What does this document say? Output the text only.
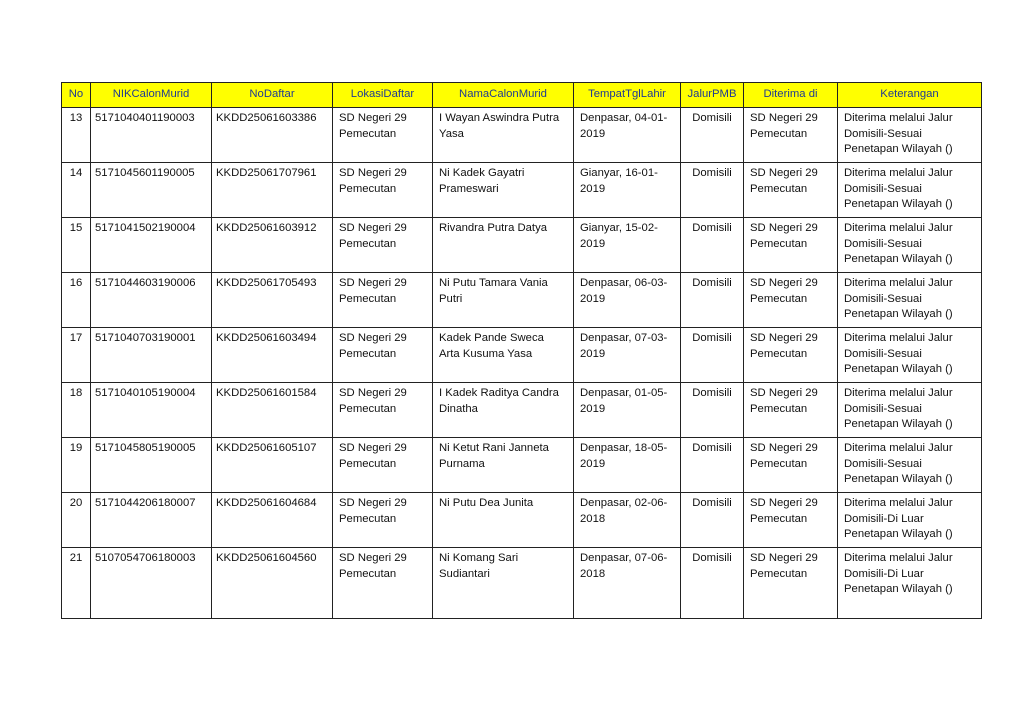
No	NIKCalonMurid	NoDaftar	LokasiDaftar	NamaCalonMurid	TempatTglLahir	JalurPMB	Diterima di	Keterangan
13	5171040401190003	KKDD25061603386	SD Negeri 29 Pemecutan	I Wayan Aswindra Putra Yasa	Denpasar, 04-01-2019	Domisili	SD Negeri 29 Pemecutan	Diterima melalui Jalur Domisili-Sesuai Penetapan Wilayah ()
14	5171045601190005	KKDD25061707961	SD Negeri 29 Pemecutan	Ni Kadek Gayatri Prameswari	Gianyar, 16-01-2019	Domisili	SD Negeri 29 Pemecutan	Diterima melalui Jalur Domisili-Sesuai Penetapan Wilayah ()
15	5171041502190004	KKDD25061603912	SD Negeri 29 Pemecutan	Rivandra Putra Datya	Gianyar, 15-02-2019	Domisili	SD Negeri 29 Pemecutan	Diterima melalui Jalur Domisili-Sesuai Penetapan Wilayah ()
16	5171044603190006	KKDD25061705493	SD Negeri 29 Pemecutan	Ni Putu Tamara Vania Putri	Denpasar, 06-03-2019	Domisili	SD Negeri 29 Pemecutan	Diterima melalui Jalur Domisili-Sesuai Penetapan Wilayah ()
17	5171040703190001	KKDD25061603494	SD Negeri 29 Pemecutan	Kadek Pande Sweca Arta Kusuma Yasa	Denpasar, 07-03-2019	Domisili	SD Negeri 29 Pemecutan	Diterima melalui Jalur Domisili-Sesuai Penetapan Wilayah ()
18	5171040105190004	KKDD25061601584	SD Negeri 29 Pemecutan	I Kadek Raditya Candra Dinatha	Denpasar, 01-05-2019	Domisili	SD Negeri 29 Pemecutan	Diterima melalui Jalur Domisili-Sesuai Penetapan Wilayah ()
19	5171045805190005	KKDD25061605107	SD Negeri 29 Pemecutan	Ni Ketut Rani Janneta Purnama	Denpasar, 18-05-2019	Domisili	SD Negeri 29 Pemecutan	Diterima melalui Jalur Domisili-Sesuai Penetapan Wilayah ()
20	5171044206180007	KKDD25061604684	SD Negeri 29 Pemecutan	Ni Putu Dea Junita	Denpasar, 02-06-2018	Domisili	SD Negeri 29 Pemecutan	Diterima melalui Jalur Domisili-Di Luar Penetapan Wilayah ()
21	5107054706180003	KKDD25061604560	SD Negeri 29 Pemecutan	Ni Komang Sari Sudiantari	Denpasar, 07-06-2018	Domisili	SD Negeri 29 Pemecutan	Diterima melalui Jalur Domisili-Di Luar Penetapan Wilayah ()
